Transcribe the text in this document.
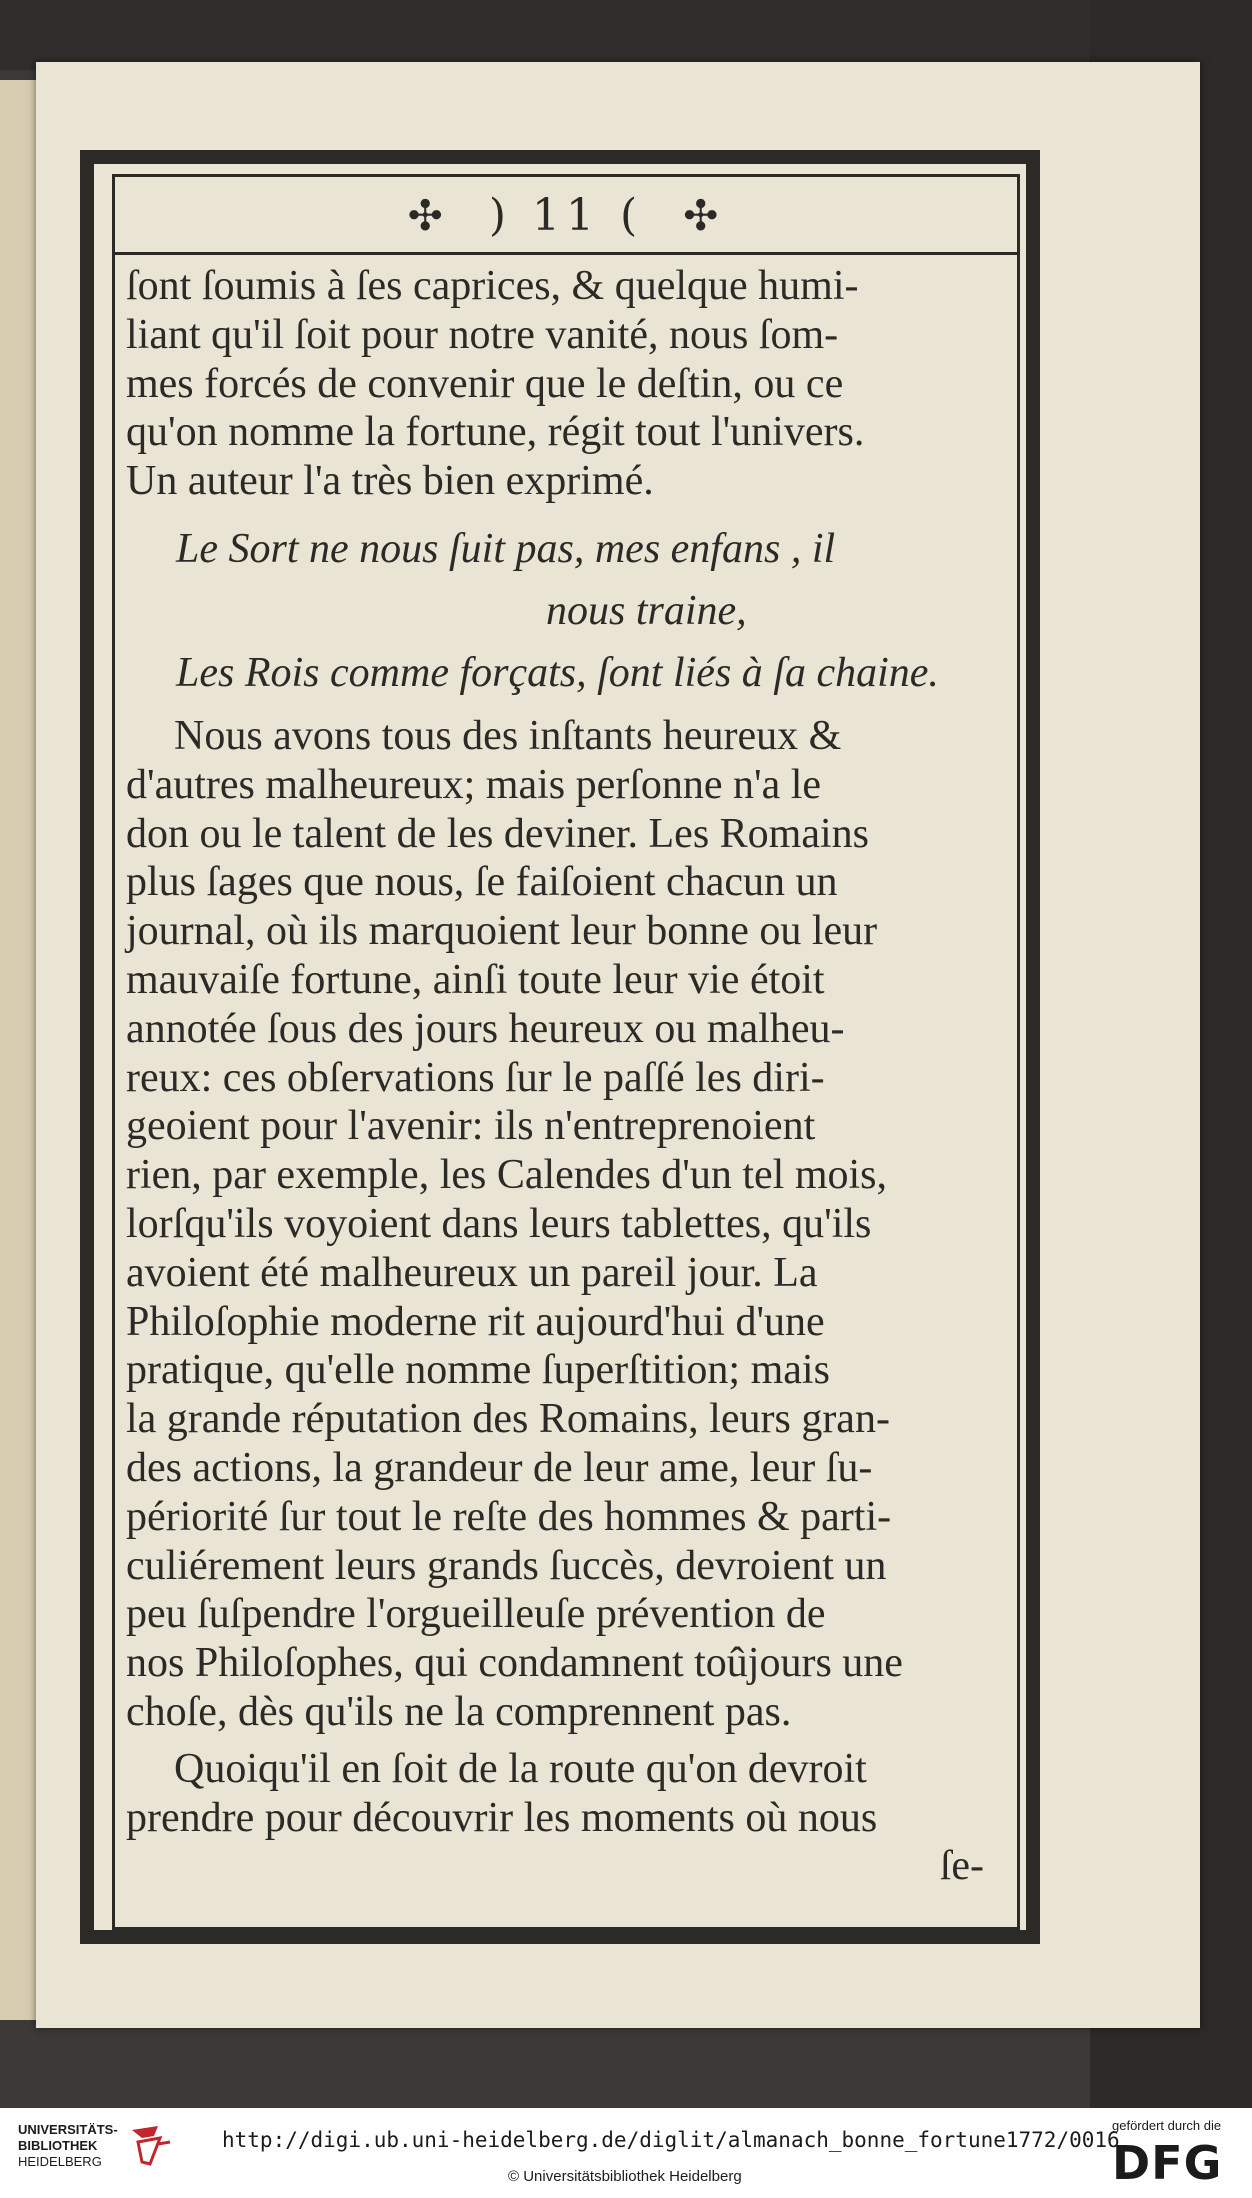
✣ ) 11 ( ✣
ſont ſoumis à ſes caprices, & quelque humi-
liant qu'il ſoit pour notre vanité, nous ſom-
mes forcés de convenir que le deſtin, ou ce
qu'on nomme la fortune, régit tout l'univers.
Un auteur l'a très bien exprimé.
Le Sort ne nous ſuit pas, mes enfans , il
nous traine,
Les Rois comme forçats, ſont liés à ſa chaine.
Nous avons tous des inſtants heureux &
d'autres malheureux; mais perſonne n'a le
don ou le talent de les deviner. Les Romains
plus ſages que nous, ſe faiſoient chacun un
journal, où ils marquoient leur bonne ou leur
mauvaiſe fortune, ainſi toute leur vie étoit
annotée ſous des jours heureux ou malheu-
reux: ces obſervations ſur le paſſé les diri-
geoient pour l'avenir: ils n'entreprenoient
rien, par exemple, les Calendes d'un tel mois,
lorſqu'ils voyoient dans leurs tablettes, qu'ils
avoient été malheureux un pareil jour. La
Philoſophie moderne rit aujourd'hui d'une
pratique, qu'elle nomme ſuperſtition; mais
la grande réputation des Romains, leurs gran-
des actions, la grandeur de leur ame, leur ſu-
périorité ſur tout le reſte des hommes & parti-
culiérement leurs grands ſuccès, devroient un
peu ſuſpendre l'orgueilleuſe prévention de
nos Philoſophes, qui condamnent toûjours une
choſe, dès qu'ils ne la comprennent pas.
Quoiqu'il en ſoit de la route qu'on devroit
prendre pour découvrir les moments où nous
ſe-
UNIVERSITÄTS-
BIBLIOTHEK
HEIDELBERG
http://digi.ub.uni-heidelberg.de/diglit/almanach_bonne_fortune1772/0016
© Universitätsbibliothek Heidelberg
gefördert durch die
DFG
